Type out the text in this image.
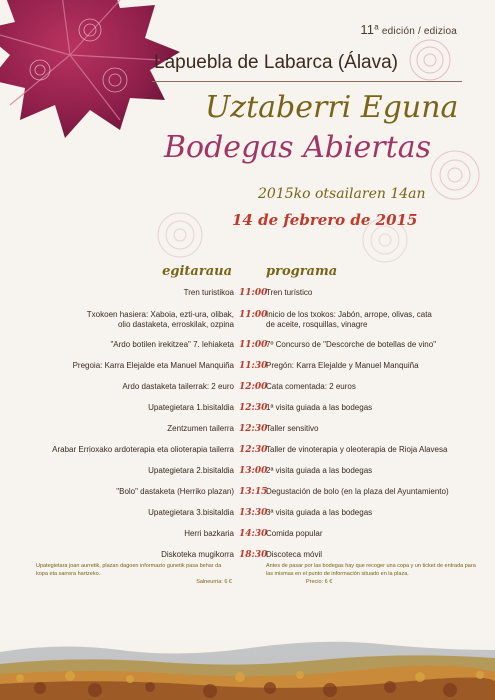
11$^a$ edición / edizioa
Lapuebla de Labarca (Álava)
Uztaberri Eguna
Bodegas Abiertas
2015ko otsailaren 14an
14 de febrero de 2015
egitaraua	programa
Tren turistikoa 11:00
Tren turístico
Txokoen hasiera: Xaboia, ezti-ura, olibak, olio dastaketa, erroskilak, ozpina
11:00
Inicio de los txokos: Jabón, arrope, olivas, cata de aceite, rosquillas, vinagre
"Ardo botilen irekitzea" 7. lehiaketa 11:00
7º Concurso de "Descorche de botellas de vino"
Pregoia: Karra Elejalde eta Manuel Manquiña 11:30
Pregón: Karra Elejalde y Manuel Manquiña
Ardo dastaketa tailerrak: 2 euro 12:00
Cata comentada: 2 euros
Upategietara 1.bisitaldia 12:30
1ª visita guiada a las bodegas
Zentzumen tailerra 12:30
Taller sensitivo
Arabar Errioxako ardoterapia eta olioterapia tailerra 12:30
Taller de vinoterapia y oleoterapia de Rioja Alavesa
Upategietara 2.bisitaldia 13:00
2ª visita guiada a las bodegas
"Bolo" dastaketa (Herriko plazan) 13:15
Degustación de bolo (en la plaza del Ayuntamiento)
Upategietara 3.bisitaldia 13:30
3ª visita guiada a las bodegas
Herri bazkaria 14:30
Comida popular
Diskoteka mugikorra 18:30
Discoteca móvil
Upategietara joan aurretik, plazan dagoen informazio gunetik pasa behar da kopa eta sarrera hartzeko.
Salneurria: 6 €
Antes de pasar por las bodegas hay que recoger una copa y un ticket de entrada para las mismas en el punto de información situado en la plaza.
Precio: 6 €
